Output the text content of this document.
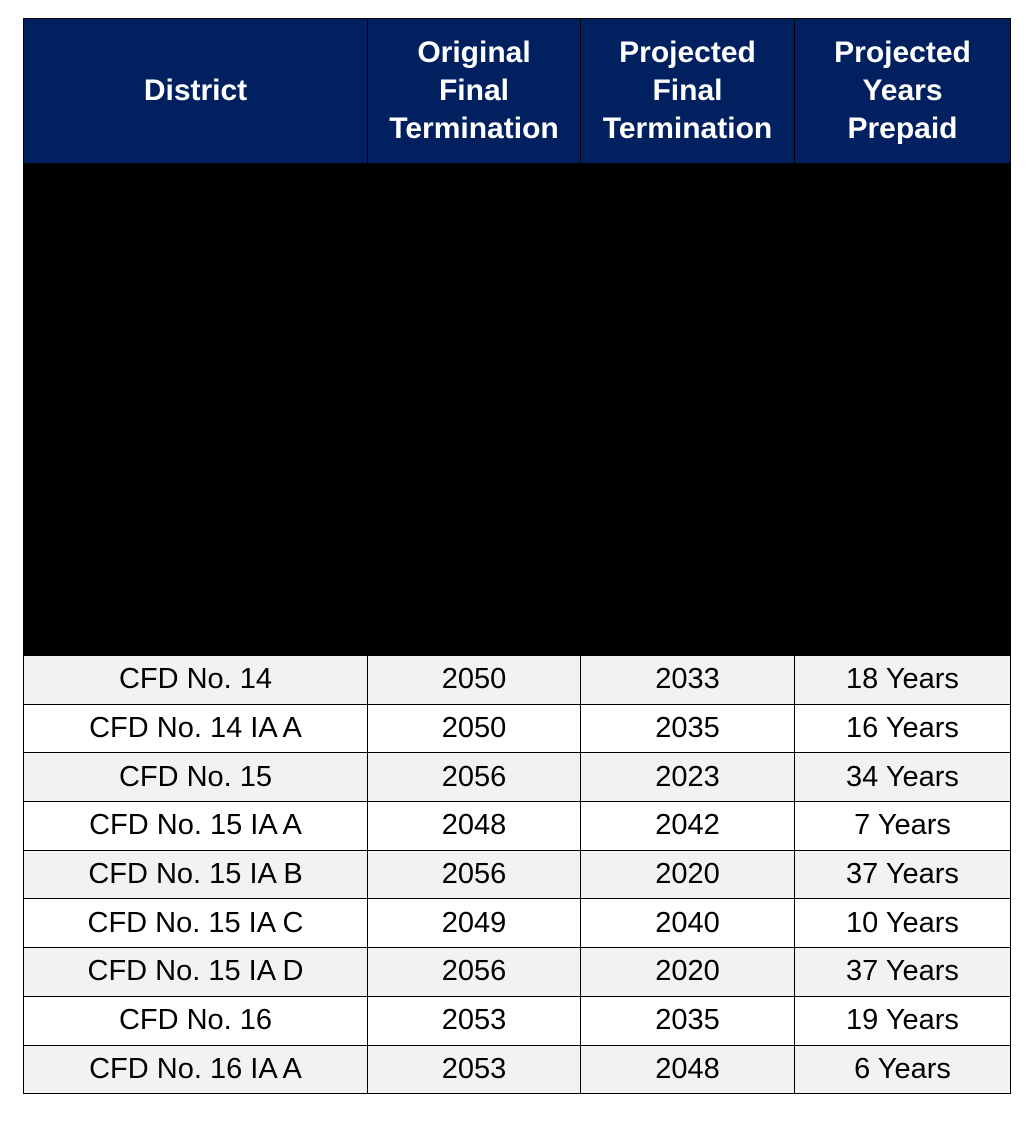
District	Original
Final
Termination	Projected
Final
Termination	Projected
Years
Prepaid

CFD No. 14	2050	2033	18 Years
CFD No. 14 IA A	2050	2035	16 Years
CFD No. 15	2056	2023	34 Years
CFD No. 15 IA A	2048	2042	7 Years
CFD No. 15 IA B	2056	2020	37 Years
CFD No. 15 IA C	2049	2040	10 Years
CFD No. 15 IA D	2056	2020	37 Years
CFD No. 16	2053	2035	19 Years
CFD No. 16 IA A	2053	2048	6 Years
